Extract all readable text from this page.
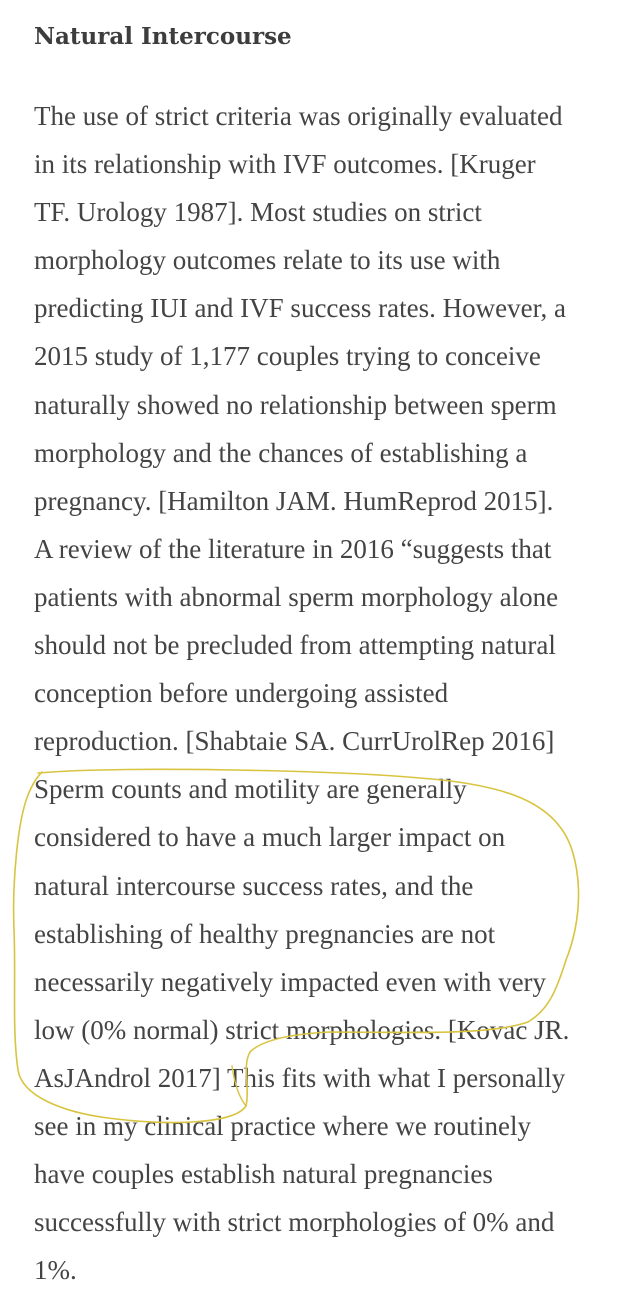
Natural Intercourse

The use of strict criteria was originally evaluated
in its relationship with IVF outcomes. [Kruger
TF. Urology 1987]. Most studies on strict
morphology outcomes relate to its use with
predicting IUI and IVF success rates. However, a
2015 study of 1,177 couples trying to conceive
naturally showed no relationship between sperm
morphology and the chances of establishing a
pregnancy. [Hamilton JAM. HumReprod 2015].
A review of the literature in 2016 “suggests that
patients with abnormal sperm morphology alone
should not be precluded from attempting natural
conception before undergoing assisted
reproduction. [Shabtaie SA. CurrUrolRep 2016]
Sperm counts and motility are generally
considered to have a much larger impact on
natural intercourse success rates, and the
establishing of healthy pregnancies are not
necessarily negatively impacted even with very
low (0% normal) strict morphologies. [Kovac JR.
AsJAndrol 2017] This fits with what I personally
see in my clinical practice where we routinely
have couples establish natural pregnancies
successfully with strict morphologies of 0% and
1%.
